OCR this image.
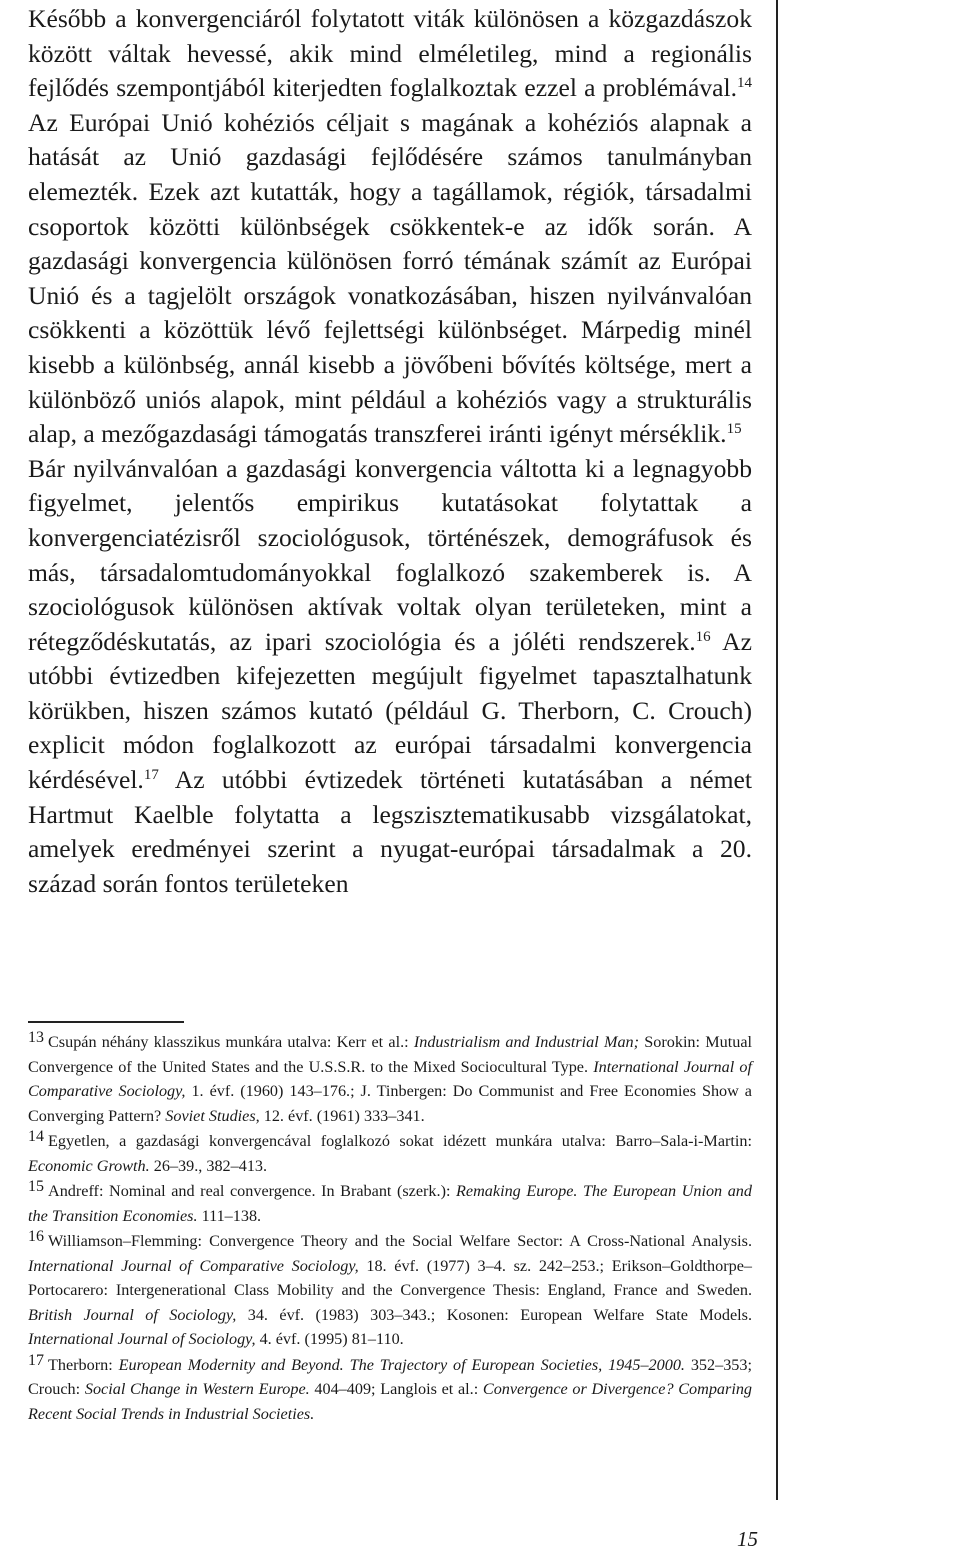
Később a konvergenciáról folytatott viták különösen a közgazdászok között váltak hevessé, akik mind elméletileg, mind a regionális fejlődés szempontjából kiterjedten foglalkoztak ezzel a problémával.$^{14}$ Az Európai Unió kohéziós céljait s magának a kohéziós alapnak a hatását az Unió gazdasági fejlődésére számos tanulmányban elemezték. Ezek azt kutatták, hogy a tagállamok, régiók, társadalmi csoportok közötti különbségek csökkentek-e az idők során. A gazdasági konvergencia különösen forró témának számít az Európai Unió és a tagjelölt országok vonatkozásában, hiszen nyilvánvalóan csökkenti a közöttük lévő fejlettségi különbséget. Márpedig minél kisebb a különbség, annál kisebb a jövőbeni bővítés költsége, mert a különböző uniós alapok, mint például a kohéziós vagy a strukturális alap, a mezőgazdasági támogatás transzferei iránti igényt mérséklik.$^{15}$

Bár nyilvánvalóan a gazdasági konvergencia váltotta ki a legnagyobb figyelmet, jelentős empirikus kutatásokat folytattak a konvergenciatézisről szociológusok, történészek, demográfusok és más, társadalomtudományokkal foglalkozó szakemberek is. A szociológusok különösen aktívak voltak olyan területeken, mint a rétegződéskutatás, az ipari szociológia és a jóléti rendszerek.$^{16}$ Az utóbbi évtizedben kifejezetten megújult figyelmet tapasztalhatunk körükben, hiszen számos kutató (például G. Therborn, C. Crouch) explicit módon foglalkozott az európai társadalmi konvergencia kérdésével.$^{17}$ Az utóbbi évtizedek történeti kutatásában a német Hartmut Kaelble folytatta a legszisztematikusabb vizsgálatokat, amelyek eredményei szerint a nyugat-európai társadalmak a 20. század során fontos területeken

13 Csupán néhány klasszikus munkára utalva: Kerr et al.: Industrialism and Industrial Man; Sorokin: Mutual Convergence of the United States and the U.S.S.R. to the Mixed Sociocultural Type. International Journal of Comparative Sociology, 1. évf. (1960) 143–176.; J. Tinbergen: Do Communist and Free Economies Show a Converging Pattern? Soviet Studies, 12. évf. (1961) 333–341.

14 Egyetlen, a gazdasági konvergencával foglalkozó sokat idézett munkára utalva: Barro–Sala-i-Martin: Economic Growth. 26–39., 382–413.

15 Andreff: Nominal and real convergence. In Brabant (szerk.): Remaking Europe. The European Union and the Transition Economies. 111–138.

16 Williamson–Flemming: Convergence Theory and the Social Welfare Sector: A Cross-National Analysis. International Journal of Comparative Sociology, 18. évf. (1977) 3–4. sz. 242–253.; Erikson–Goldthorpe–Portocarero: Intergenerational Class Mobility and the Convergence Thesis: England, France and Sweden. British Journal of Sociology, 34. évf. (1983) 303–343.; Kosonen: European Welfare State Models. International Journal of Sociology, 4. évf. (1995) 81–110.

17 Therborn: European Modernity and Beyond. The Trajectory of European Societies, 1945–2000. 352–353; Crouch: Social Change in Western Europe. 404–409; Langlois et al.: Convergence or Divergence? Comparing Recent Social Trends in Industrial Societies.

15
